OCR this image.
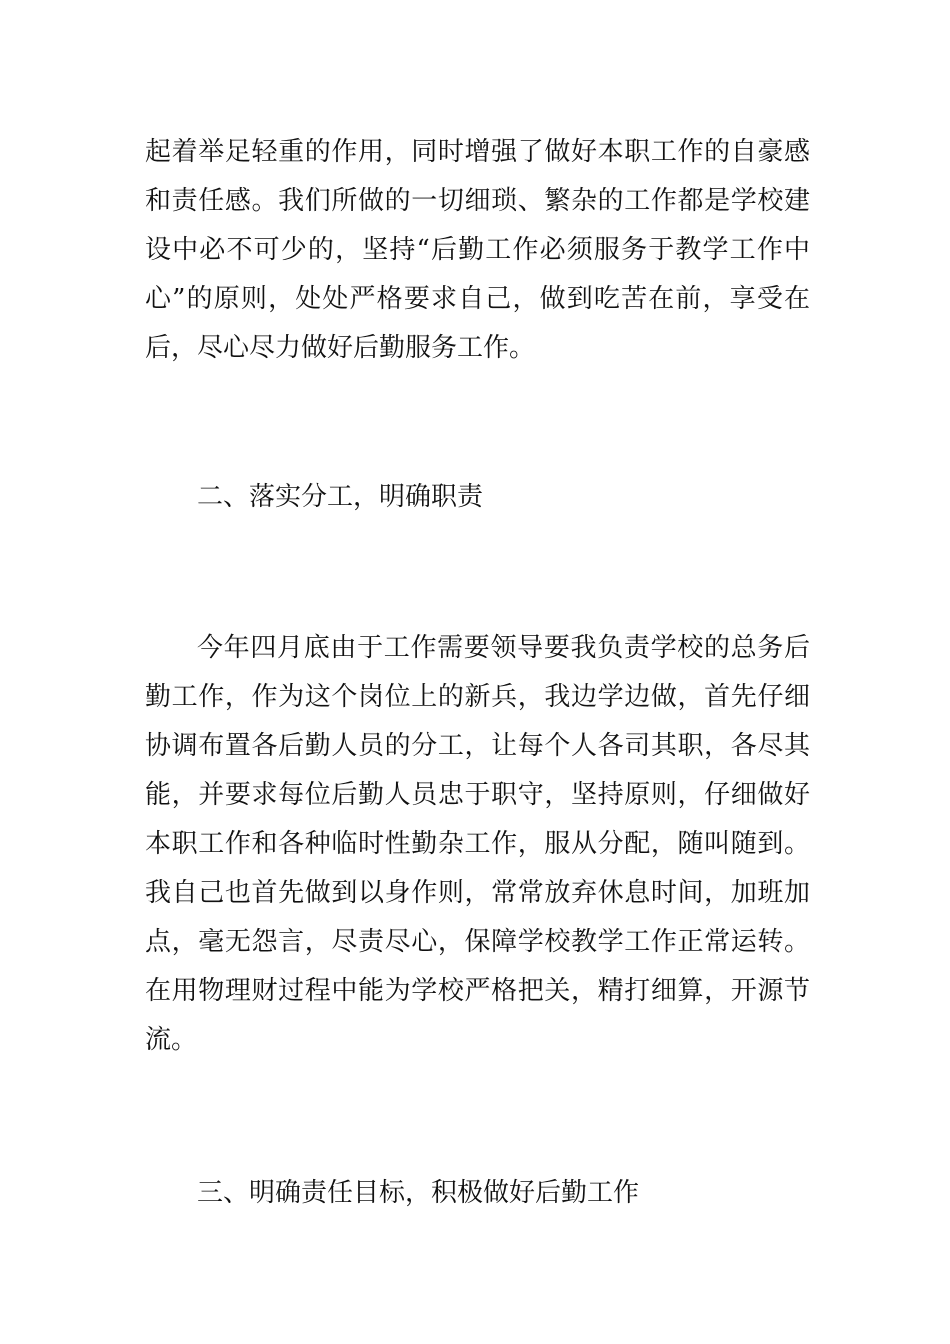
起着举足轻重的作用，同时增强了做好本职工作的自豪感
和责任感。我们所做的一切细琐、繁杂的工作都是学校建
设中必不可少的，坚持“后勤工作必须服务于教学工作中
心”的原则，处处严格要求自己，做到吃苦在前，享受在
后，尽心尽力做好后勤服务工作。
二、落实分工，明确职责
今年四月底由于工作需要领导要我负责学校的总务后
勤工作，作为这个岗位上的新兵，我边学边做，首先仔细
协调布置各后勤人员的分工，让每个人各司其职，各尽其
能，并要求每位后勤人员忠于职守，坚持原则，仔细做好
本职工作和各种临时性勤杂工作，服从分配，随叫随到。
我自己也首先做到以身作则，常常放弃休息时间，加班加
点，毫无怨言，尽责尽心，保障学校教学工作正常运转。
在用物理财过程中能为学校严格把关，精打细算，开源节
流。
三、明确责任目标，积极做好后勤工作
